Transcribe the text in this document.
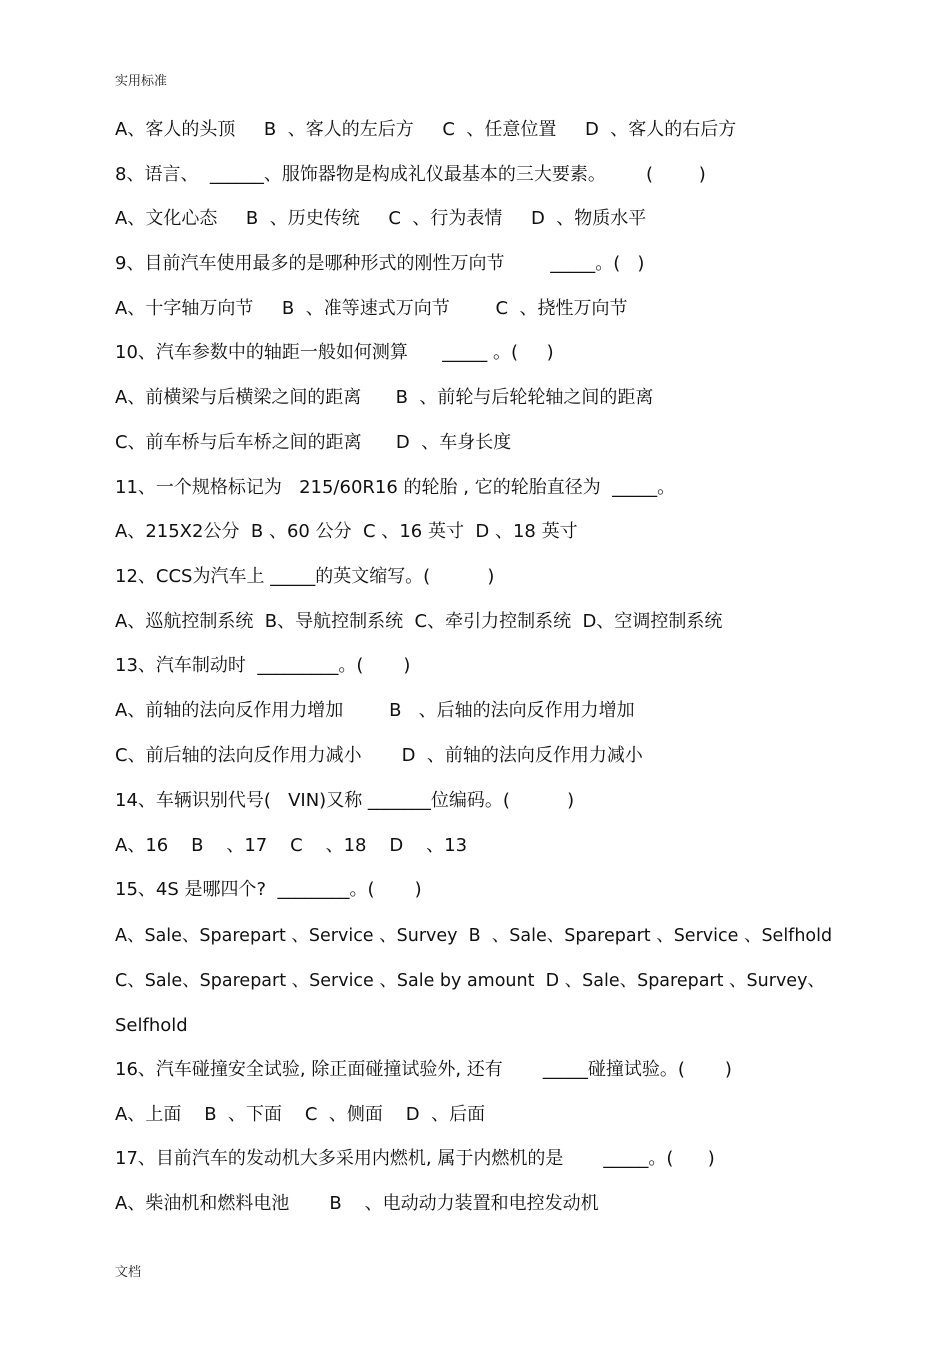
实用标准
A、客人的头顶     B  、客人的左后方     C  、任意位置     D  、客人的右后方
8、语言、  ______、服饰器物是构成礼仪最基本的三大要素。       (        )
A、文化心态     B  、历史传统     C  、行为表情     D  、物质水平
9、目前汽车使用最多的是哪种形式的刚性万向节        _____。(   )
A、十字轴万向节     B  、准等速式万向节        C  、挠性万向节
10、汽车参数中的轴距一般如何测算      _____ 。(     )
A、前横梁与后横梁之间的距离      B  、前轮与后轮轮轴之间的距离
C、前车桥与后车桥之间的距离      D  、车身长度
11、一个规格标记为   215/60R16 的轮胎 , 它的轮胎直径为  _____。
A、215X2公分  B 、60 公分  C 、16 英寸  D 、18 英寸
12、CCS为汽车上 _____的英文缩写。(          )
A、巡航控制系统  B、导航控制系统  C、牵引力控制系统  D、空调控制系统
13、汽车制动时  _________。(       )
A、前轴的法向反作用力增加        B   、后轴的法向反作用力增加
C、前后轴的法向反作用力减小       D  、前轴的法向反作用力减小
14、车辆识别代号(   VIN)又称 _______位编码。(          )
A、16    B    、17    C    、18    D    、13
15、4S 是哪四个?  ________。(       )
A、Sale、Sparepart 、Service 、Survey  B  、Sale、Sparepart 、Service 、Selfhold
C、Sale、Sparepart 、Service 、Sale by amount  D 、Sale、Sparepart 、Survey、
Selfhold
16、汽车碰撞安全试验, 除正面碰撞试验外, 还有       _____碰撞试验。(       )
A、上面    B  、下面    C  、侧面    D  、后面
17、目前汽车的发动机大多采用内燃机, 属于内燃机的是       _____。(      )
A、柴油机和燃料电池       B    、电动动力装置和电控发动机
文档
